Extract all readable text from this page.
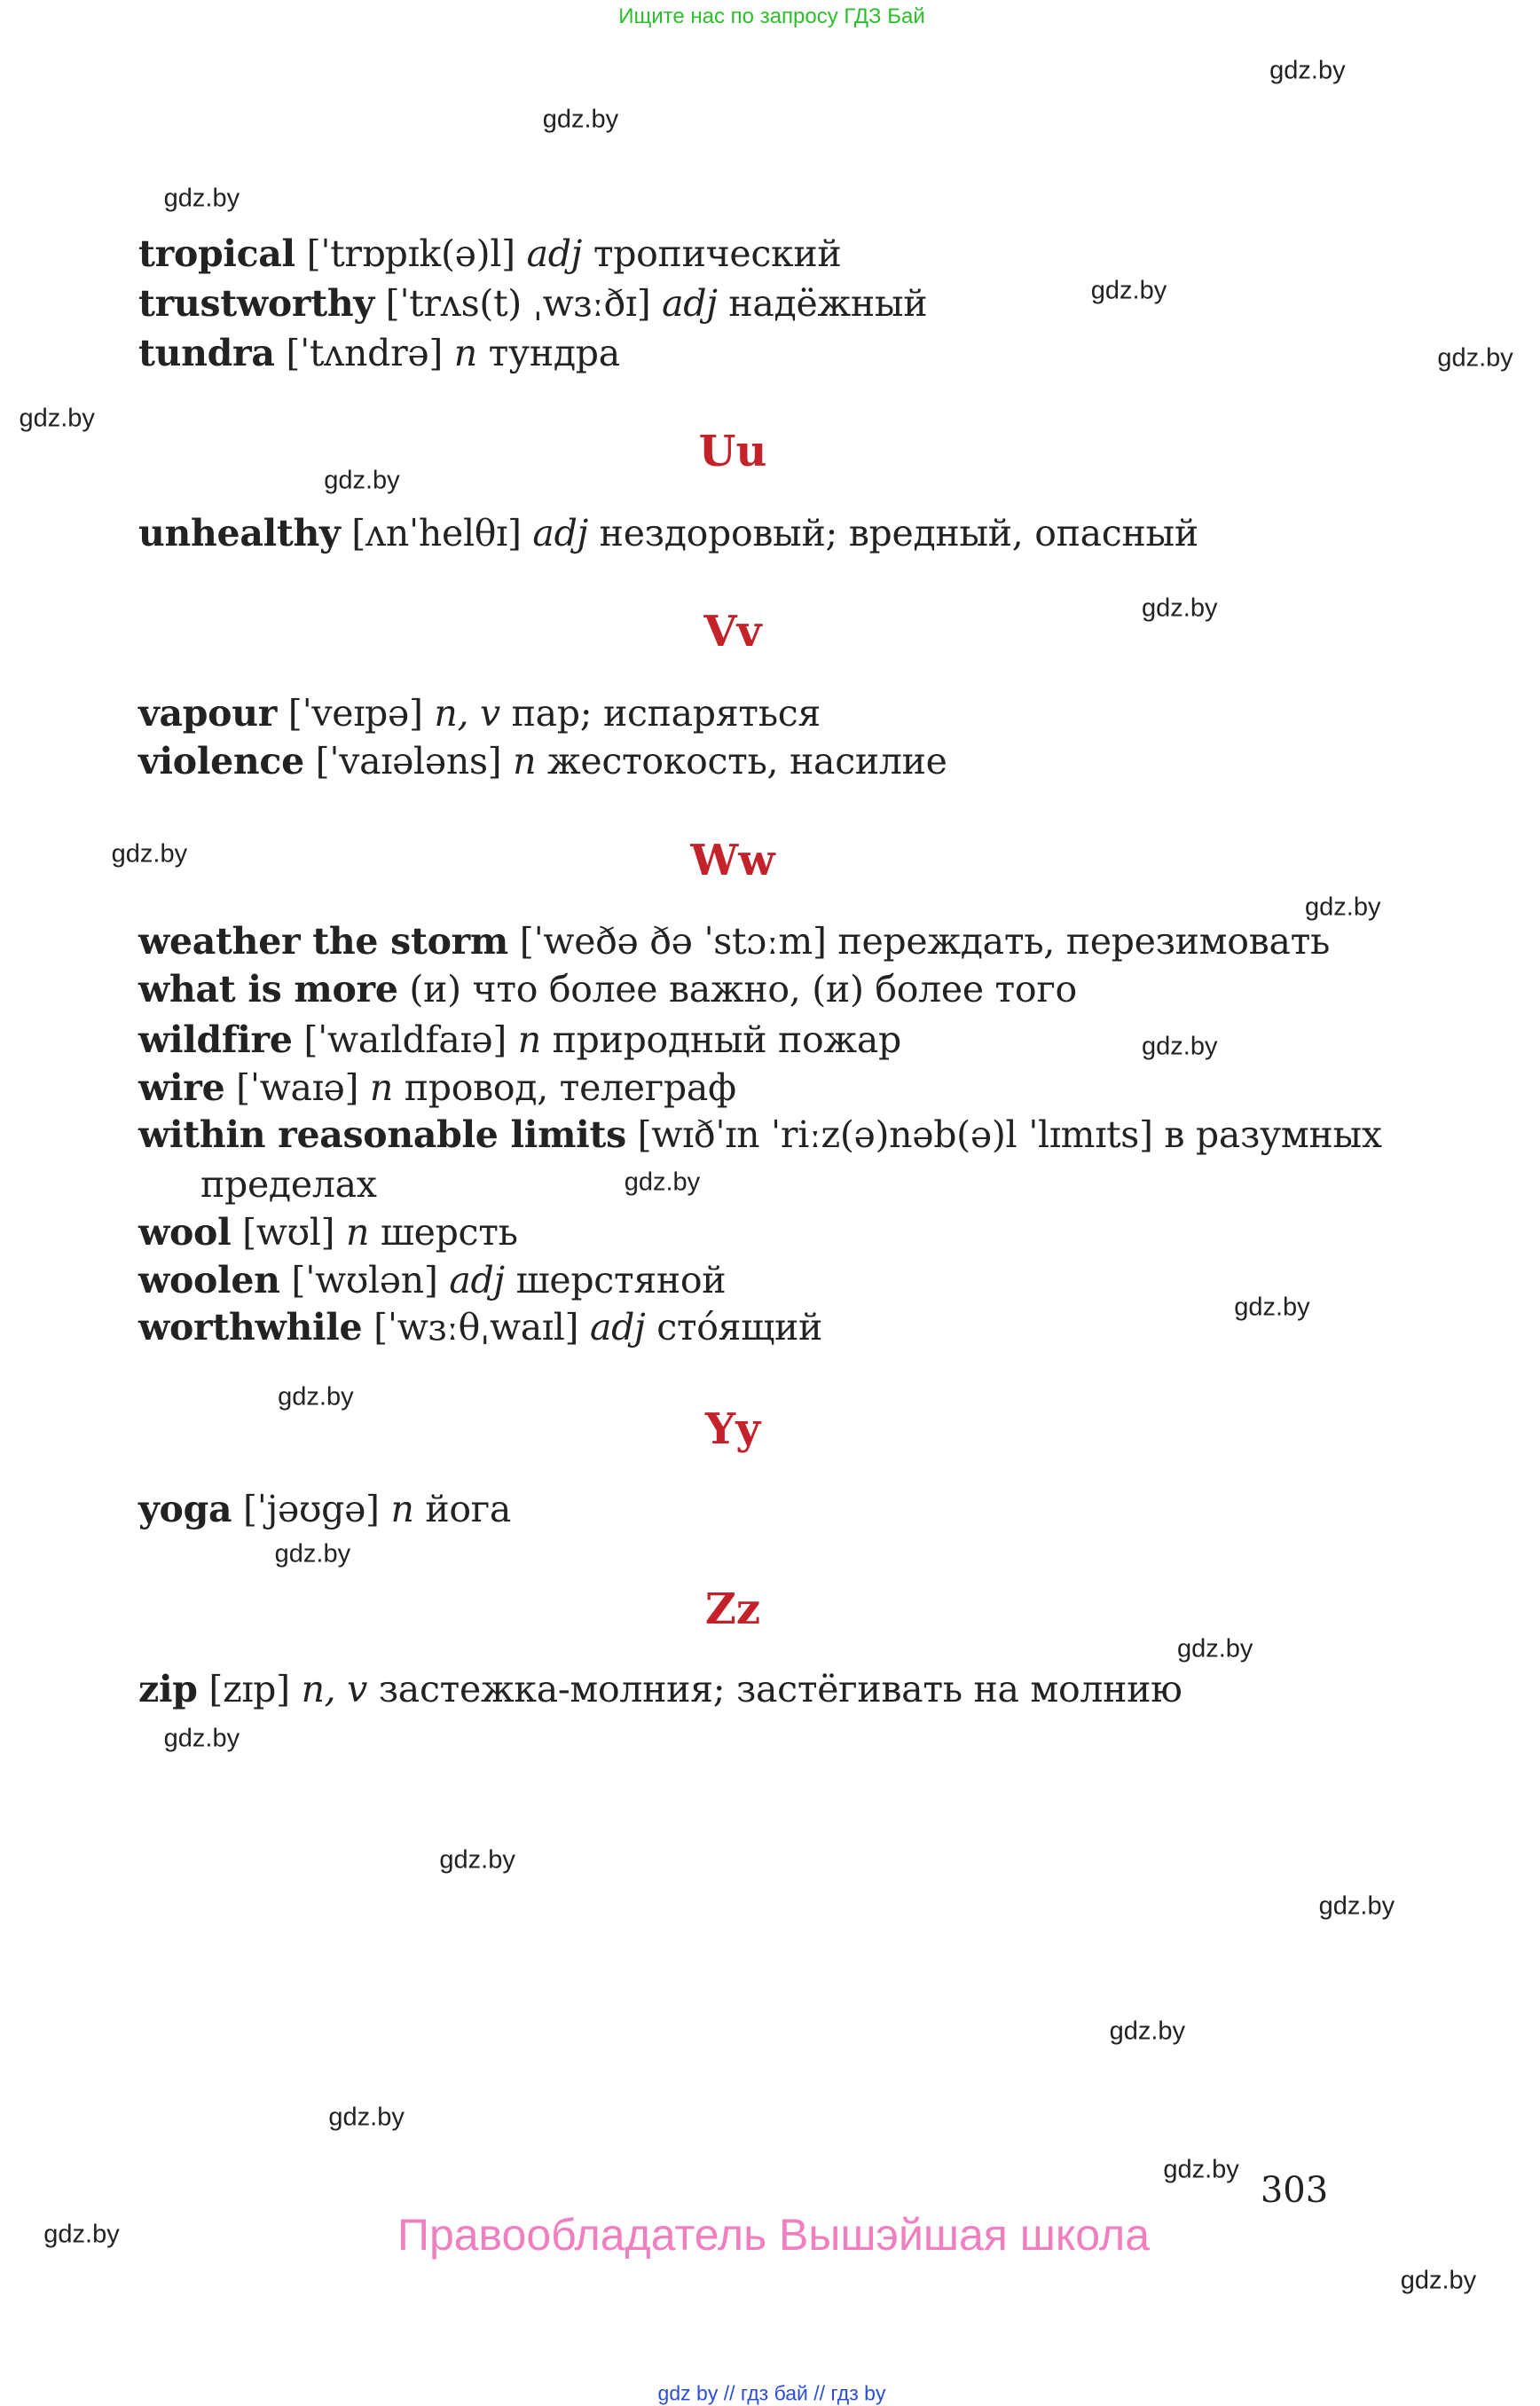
Ищите нас по запросу ГДЗ Бай
tropical [ˈtrɒpɪk(ə)l] adj тропический
trustworthy [ˈtrʌs(t) ˌwɜːðɪ] adj надёжный
tundra [ˈtʌndrə] n тундра
Uu
unhealthy [ʌnˈhelθɪ] adj нездоровый; вредный, опасный
Vv
vapour [ˈveɪpə] n, v пар; испаряться
violence [ˈvaɪələns] n жестокость, насилие
Ww
weather the storm [ˈweðə ðə ˈstɔːm] переждать, перезимовать
what is more (и) что более важно, (и) более того
wildfire [ˈwaɪldfaɪə] n природный пожар
wire [ˈwaɪə] n провод, телеграф
within reasonable limits [wɪðˈɪn ˈriːz(ə)nəb(ə)l ˈlɪmɪts] в разумных
пределах
wool [wʊl] n шерсть
woolen [ˈwʊlən] adj шерстяной
worthwhile [ˈwɜːθˌwaɪl] adj сто́ящий
Yy
yoga [ˈjəʊgə] n йога
Zz
zip [zɪp] n, v застежка-молния; застёгивать на молнию
gdz.by
gdz.by
gdz.by
gdz.by
gdz.by
gdz.by
gdz.by
gdz.by
gdz.by
gdz.by
gdz.by
gdz.by
gdz.by
gdz.by
gdz.by
gdz.by
gdz.by
gdz.by
gdz.by
gdz.by
gdz.by
gdz.by
gdz.by
gdz.by
303
Правообладатель Вышэйшая школа
gdz by // гдз бай // гдз by
